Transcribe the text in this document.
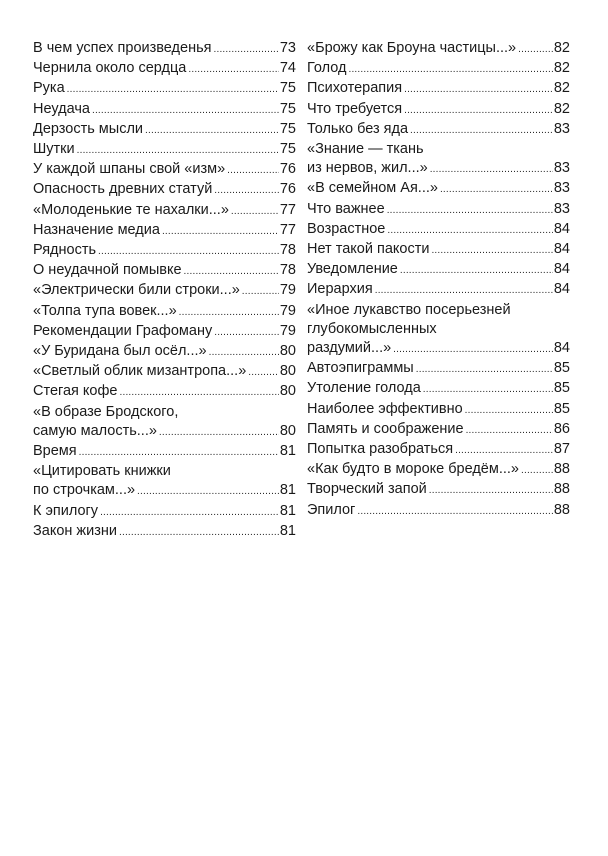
В чем успех произведенья .....	73
Чернила около сердца .....	74
Рука .....	75
Неудача .....	75
Дерзость мысли .....	75
Шутки .....	75
У каждой шпаны свой «изм» .....	76
Опасность древних статуй .....	76
«Молоденькие те нахалки...» .....	77
Назначение медиа .....	77
Рядность .....	78
О неудачной помывке .....	78
«Электрически били строки...» .....	79
«Толпа тупа вовек...» .....	79
Рекомендации Графоману .....	79
«У Буридана был осёл...» .....	80
«Светлый облик мизантропа...» ..... 80
Стегая кофе .....	80
«В образе Бродского,
самую малость...» .....	80
Время .....	81
«Цитировать книжки
по строчкам...» .....	81
К эпилогу .....	81
Закон жизни .....	81
«Брожу как Броуна частицы...» .....	82
Голод .....	82
Психотерапия .....	82
Что требуется .....	82
Только без яда .....	83
«Знание — ткань
из нервов, жил...» .....	83
«В семейном Ая...» .....	83
Что важнее .....	83
Возрастное .....	84
Нет такой пакости .....	84
Уведомление .....	84
Иерархия .....	84
«Иное лукавство посерьезней
глубокомысленных
раздумий...» .....	84
Автоэпиграммы .....	85
Утоление голода .....	85
Наиболее эффективно .....	85
Память и соображение .....	86
Попытка разобраться .....	87
«Как будто в мороке бредём...» ..... 88
Творческий запой .....	88
Эпилог .....	88
